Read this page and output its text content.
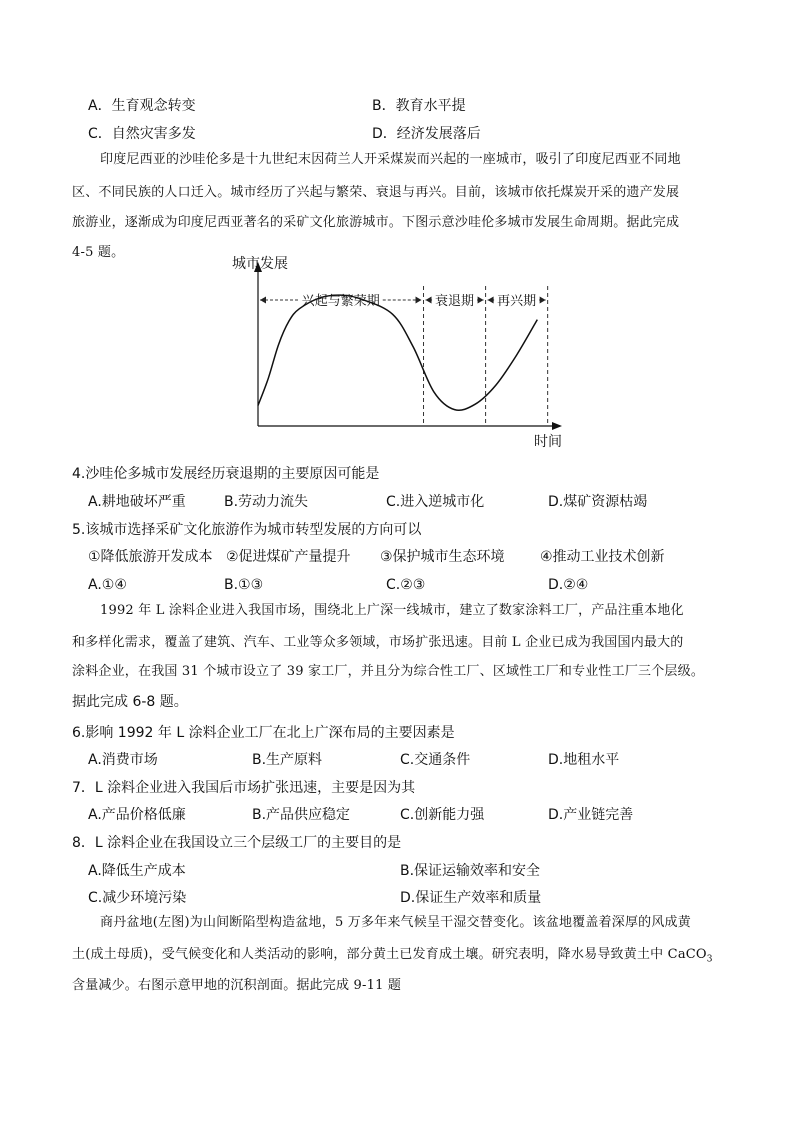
A．生育观念转变	B．教育水平提
C．自然灾害多发	D．经济发展落后
印度尼西亚的沙哇伦多是十九世纪末因荷兰人开采煤炭而兴起的一座城市，吸引了印度尼西亚不同地
区、不同民族的人口迁入。城市经历了兴起与繁荣、衰退与再兴。目前，该城市依托煤炭开采的遗产发展
旅游业，逐渐成为印度尼西亚著名的采矿文化旅游城市。下图示意沙哇伦多城市发展生命周期。据此完成
4-5 题。
城市发展
时间
兴起与繁荣期	衰退期 再兴期
4.沙哇伦多城市发展经历衰退期的主要原因可能是
A.耕地破坏严重	B.劳动力流失	C.进入逆城市化	D.煤矿资源枯竭
5.该城市选择采矿文化旅游作为城市转型发展的方向可以
①降低旅游开发成本 ②促进煤矿产量提升 ③保护城市生态环境	④推动工业技术创新
A.①④	B.①③	C.②③	D.②④
1992 年 L 涂料企业进入我国市场，围绕北上广深一线城市，建立了数家涂料工厂，产品注重本地化
和多样化需求，覆盖了建筑、汽车、工业等众多领域，市场扩张迅速。目前 L 企业已成为我国国内最大的
涂料企业，在我国 31 个城市设立了 39 家工厂，并且分为综合性工厂、区域性工厂和专业性工厂三个层级。
据此完成 6-8 题。
6.影响 1992 年 L 涂料企业工厂在北上广深布局的主要因素是
A.消费市场	B.生产原料	C.交通条件	D.地租水平
7．L 涂料企业进入我国后市场扩张迅速，主要是因为其
A.产品价格低廉	B.产品供应稳定	C.创新能力强	D.产业链完善
8．L 涂料企业在我国设立三个层级工厂的主要目的是
A.降低生产成本	B.保证运输效率和安全
C.减少环境污染	D.保证生产效率和质量
商丹盆地(左图)为山间断陷型构造盆地，5 万多年来气候呈干湿交替变化。该盆地覆盖着深厚的风成黄
土(成土母质)，受气候变化和人类活动的影响，部分黄土已发育成土壤。研究表明，降水易导致黄土中 CaCO$_3$
含量减少。右图示意甲地的沉积剖面。据此完成 9-11 题
